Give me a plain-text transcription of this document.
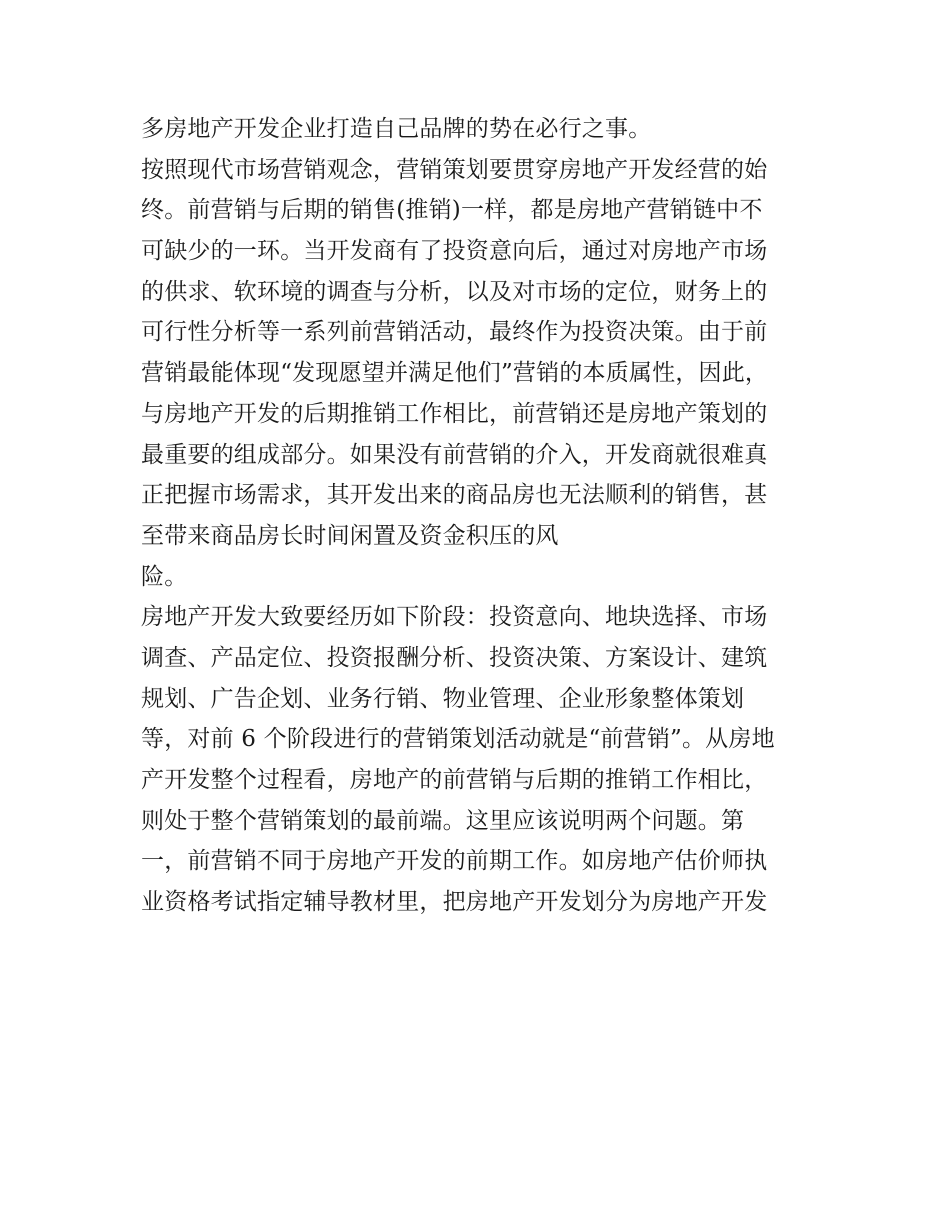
多房地产开发企业打造自己品牌的势在必行之事。
按照现代市场营销观念，营销策划要贯穿房地产开发经营的始
终。前营销与后期的销售(推销)一样，都是房地产营销链中不
可缺少的一环。当开发商有了投资意向后，通过对房地产市场
的供求、软环境的调查与分析，以及对市场的定位，财务上的
可行性分析等一系列前营销活动，最终作为投资决策。由于前
营销最能体现“发现愿望并满足他们”营销的本质属性，因此，
与房地产开发的后期推销工作相比，前营销还是房地产策划的
最重要的组成部分。如果没有前营销的介入，开发商就很难真
正把握市场需求，其开发出来的商品房也无法顺利的销售，甚
至带来商品房长时间闲置及资金积压的风
险。
房地产开发大致要经历如下阶段：投资意向、地块选择、市场
调查、产品定位、投资报酬分析、投资决策、方案设计、建筑
规划、广告企划、业务行销、物业管理、企业形象整体策划
等，对前 6 个阶段进行的营销策划活动就是“前营销”。从房地
产开发整个过程看，房地产的前营销与后期的推销工作相比，
则处于整个营销策划的最前端。这里应该说明两个问题。第
一，前营销不同于房地产开发的前期工作。如房地产估价师执
业资格考试指定辅导教材里，把房地产开发划分为房地产开发
